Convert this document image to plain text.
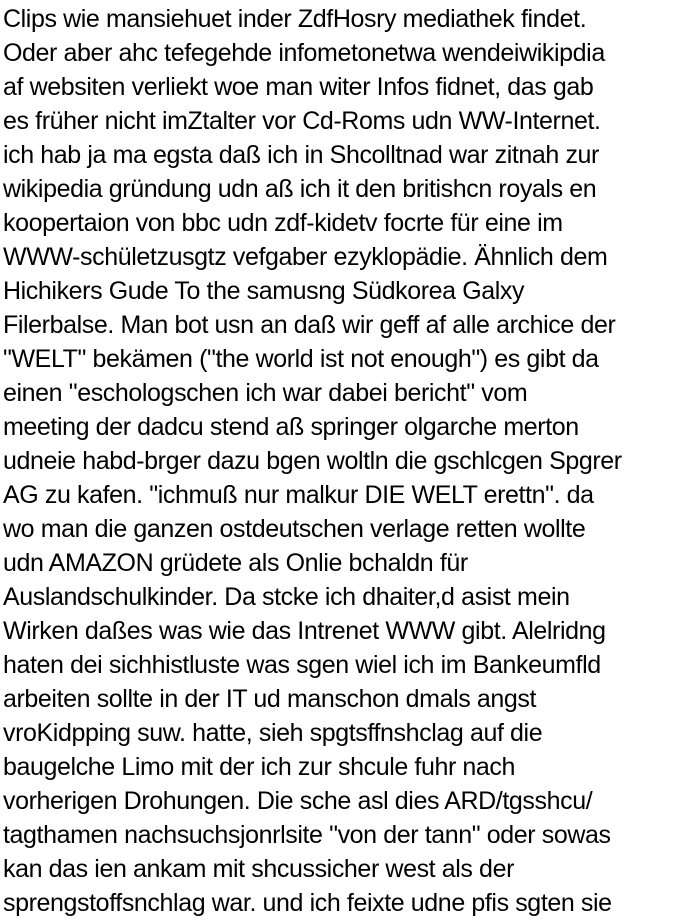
Clips wie mansiehuet inder ZdfHosry mediathek findet.
Oder aber ahc tefegehde infometonetwa wendeiwikipdia
af websiten verliekt woe man witer Infos fidnet, das gab
es früher nicht imZtalter vor Cd-Roms udn WW-Internet.
ich hab ja ma egsta daß ich in Shcolltnad war zitnah zur
wikipedia gründung udn aß ich it den britishcn royals en
koopertaion von bbc udn zdf-kidetv focrte für eine im
WWW-schületzusgtz vefgaber ezyklopädie. Ähnlich dem
Hichikers Gude To the samusng Südkorea Galxy
Filerbalse. Man bot usn an daß wir geff af alle archice der
"WELT" bekämen ("the world ist not enough") es gibt da
einen "eschologschen ich war dabei bericht" vom
meeting der dadcu stend aß springer olgarche merton
udneie habd-brger dazu bgen woltln die gschlcgen Spgrer
AG zu kafen. "ichmuß nur malkur DIE WELT erettn". da
wo man die ganzen ostdeutschen verlage retten wollte
udn AMAZON grüdete als Onlie bchaldn für
Auslandschulkinder. Da stcke ich dhaiter,d asist mein
Wirken daßes was wie das Intrenet WWW gibt. Alelridng
haten dei sichhistluste was sgen wiel ich im Bankeumfld
arbeiten sollte in der IT ud manschon dmals angst
vroKidpping suw. hatte, sieh spgtsffnshclag auf die
baugelche Limo mit der ich zur shcule fuhr nach
vorherigen Drohungen. Die sche asl dies ARD/tgsshcu/
tagthamen nachsuchsjonrlsite "von der tann" oder sowas
kan das ien ankam mit shcussicher west als der
sprengstoffsnchlag war. und ich feixte udne pfis sgten sie
